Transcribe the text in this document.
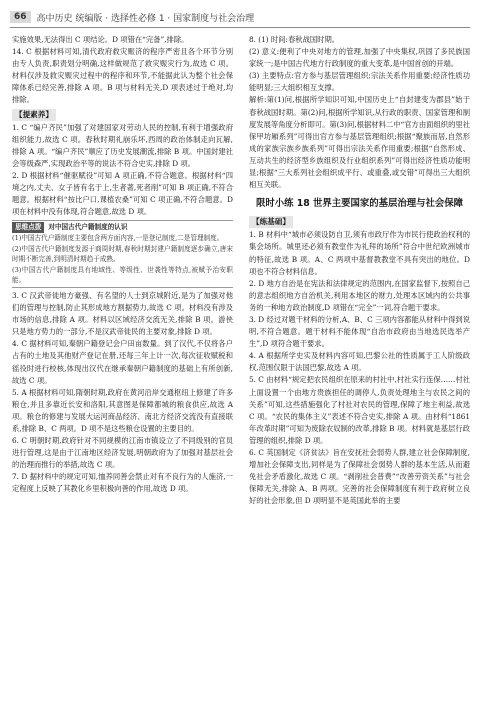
66	高中历史 统编版 · 选择性必修 1 · 国家制度与社会治理

实施效果,无法得出 C 项结论。D 项错在“完备”,排除。

14. C 根据材料可知,清代政府救灾赈济的程序严密且各个环节分别由专人负责,职责划分明确,这样做规范了救灾赈灾行为,故选 C 项。材料仅涉及救灾赈灾过程中的程序和环节,不能据此认为整个社会保障体系已经完善,排除 A 项。B 项与材料无关,D 项表述过于绝对,均排除。

【提素养】

1. C “编户齐民”加强了对建国家对劳动人民的控制,有利于增强政府组织能力,故选 C 项。春秋时期礼崩乐坏,西周的政治体制走向瓦解,排除 A 项。“编户齐民”顺应了历史发展潮流,排除 B 项。中国封建社会等级森严,实现政治平等的说法不符合史实,排除 D 项。

2. D 根据材料“催驱赋役”可知 A 项正确,不符合题意。根据材料“四境之内,丈夫、女子皆有名于上,生者著,死者削”可知 B 项正确,不符合题意。根据材料“按比户口,课植农桑”可知 C 项正确,不符合题意。D 项在材料中没有体现,符合题意,故选 D 项。

思维点拨 对中国古代户籍制度的认识
(1)中国古代户籍制度主要包含两方面内容,一是登记制度,二是管理制度。
(2)中国古代户籍制度发源于商周时期,春秋时期封建户籍制度逐步确立,唐宋时期不断完善,到明清时期趋于成熟。
(3)中国古代户籍制度具有地域性、等级性、世袭性等特点,被赋予治安职能。

3. C 汉武帝徙地方豪强、有名望的人士到京城附近,是为了加强对他们的管理与控制,防止其形成地方割据势力,故选 C 项。材料没有涉及市场的信息,排除 A 项。材料以区域经济交流无关,排除 B 项。游侠只是地方势力的一部分,不是汉武帝徙民的主要对象,排除 D 项。

4. C 据材料可知,秦朝户籍登记会户田亩数量。到了汉代,不仅将各户占有的土地及其他财产登记在册,还每三年上计一次,每次征收赋税和徭役时进行校核,体现出汉代在继承秦朝户籍制度的基础上有所创新,故选 C 项。

5. A 根据材料可知,隋朝时期,政府在黄河沿岸交通枢纽上修建了许多粮仓,并且多靠近长安和洛阳,其意图是保障都城的粮食供应,故选 A 项。粮仓的修建与发展大运河商品经济、南北方经济交流没有直接联系,排除 B、C 两项。D 项不是这些粮仓设置的主要目的。

6. C 明朝时期,政府针对不同规模的江南市镇设立了不同级别的官员进行管理,这是由于江南地区经济发展,明朝政府为了加强对基层社会的治理而推行的举措,故选 C 项。

7. D 据材料中的规定可知,恤养同善会禁止对有不良行为的人施济,一定程度上反映了其教化乡里积极向善的作用,故选 D 项。

8. (1) 时间:春秋战国时期。

(2) 意义:便利了中央对地方的管理,加强了中央集权,巩固了多民族国家统一;是中国古代地方行政制度的重大变革,是中国首创的开端。

(3) 主要特点:官方参与基层管理组织;宗法关系作用重要;经济性质功能明显;三大组织相互支撑。

解析:第(1)问,根据所学知识可知,中国历史上“自封建变为郡县”始于春秋战国时期。第(2)问,根据所学知识,从行政的职责、国家管理和制度发展等角度分析即可。第(3)问,根据材料二中“官方由面组织的里社保甲坊厢系列”可得出官方参与基层管理组织;根据“聚族而居,自然形成的家族宗族乡族系列”可得出宗法关系作用重要;根据“自然形成、互动共生的经济型乡族组织及行业组织系列”可得出经济性质功能明显;根据“三大系列社会组织成平行、或重叠,或交错”可得出三大组织相互关联。

限时小练 18 世界主要国家的基层治理与社会保障
【练基础】

1. B 材料中“城市必须设防自卫,须有市政厅作为市民行使政治权利的集会场所。城里还必须有教堂作为礼拜的场所”符合中世纪欧洲城市的特征,故选 B 项。A、C 两项中基督教教堂不具有突出的地位。D 项也不符合材料信息。

2. D 地方自治是在宪法和法律规定的范围内,在国家监督下,按照自己的意志组织地方自治机关,利用本地区的财力,处理本区域内的公共事务的一种地方政治制度,D 项错在“完全”一词,符合题干要求。

3. D 经过对题干材料的分析,A、B、C 三项内容都能从材料中得到说明,不符合题意。题干材料不能体现“自治市政府由当地选民选举产生”,D 项符合题干要求。

4. A 根据所学史实及材料内容可知,巴黎公社的性质属于工人阶级政权,范围仅限于法国巴黎,故选 A 项。

5. C 由材料“规定把农民组织在原来的村社中,村社实行连保……村社上面设置一个由地方贵族担任的调停人,负责处理地主与农民之间的关系”可知,这些措施强化了村社对农民的管理,保障了地主利益,故选 C 项。“农民的集体主义”表述不符合史实,排除 A 项。由材料“1861 年改革时期”可知为废除农奴制的改革,排除 B 项。材料就是基层行政管理的组织,排除 D 项。

6. C 英国制定《济贫法》旨在安抚社会弱势人群,建立社会保障制度,增加社会保障支出,同样是为了保障社会弱势人群的基本生活,从而避免社会矛盾激化,故选 C 项。“剥削社会普费”“改善劳资关系”与社会保障无关,排除 A、B 两项。完善的社会保障制度有利于政府树立良好的社会形象,但 D 项明显不是英国此举的主要
